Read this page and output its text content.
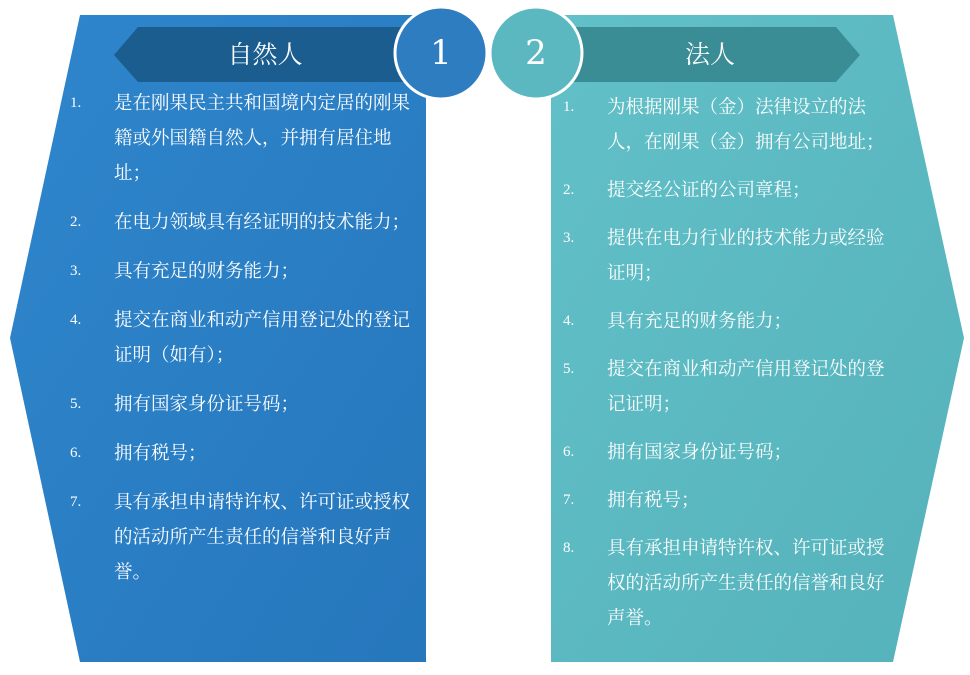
自然人	法人
1	2
1. 是在刚果民主共和国境内定居的刚果籍或外国籍自然人，并拥有居住地址；
2. 在电力领域具有经证明的技术能力；
3. 具有充足的财务能力；
4. 提交在商业和动产信用登记处的登记证明（如有）；
5. 拥有国家身份证号码；
6. 拥有税号；
7. 具有承担申请特许权、许可证或授权的活动所产生责任的信誉和良好声誉。
1. 为根据刚果（金）法律设立的法人，在刚果（金）拥有公司地址；
2. 提交经公证的公司章程；
3. 提供在电力行业的技术能力或经验证明；
4. 具有充足的财务能力；
5. 提交在商业和动产信用登记处的登记证明；
6. 拥有国家身份证号码；
7. 拥有税号；
8. 具有承担申请特许权、许可证或授权的活动所产生责任的信誉和良好声誉。
